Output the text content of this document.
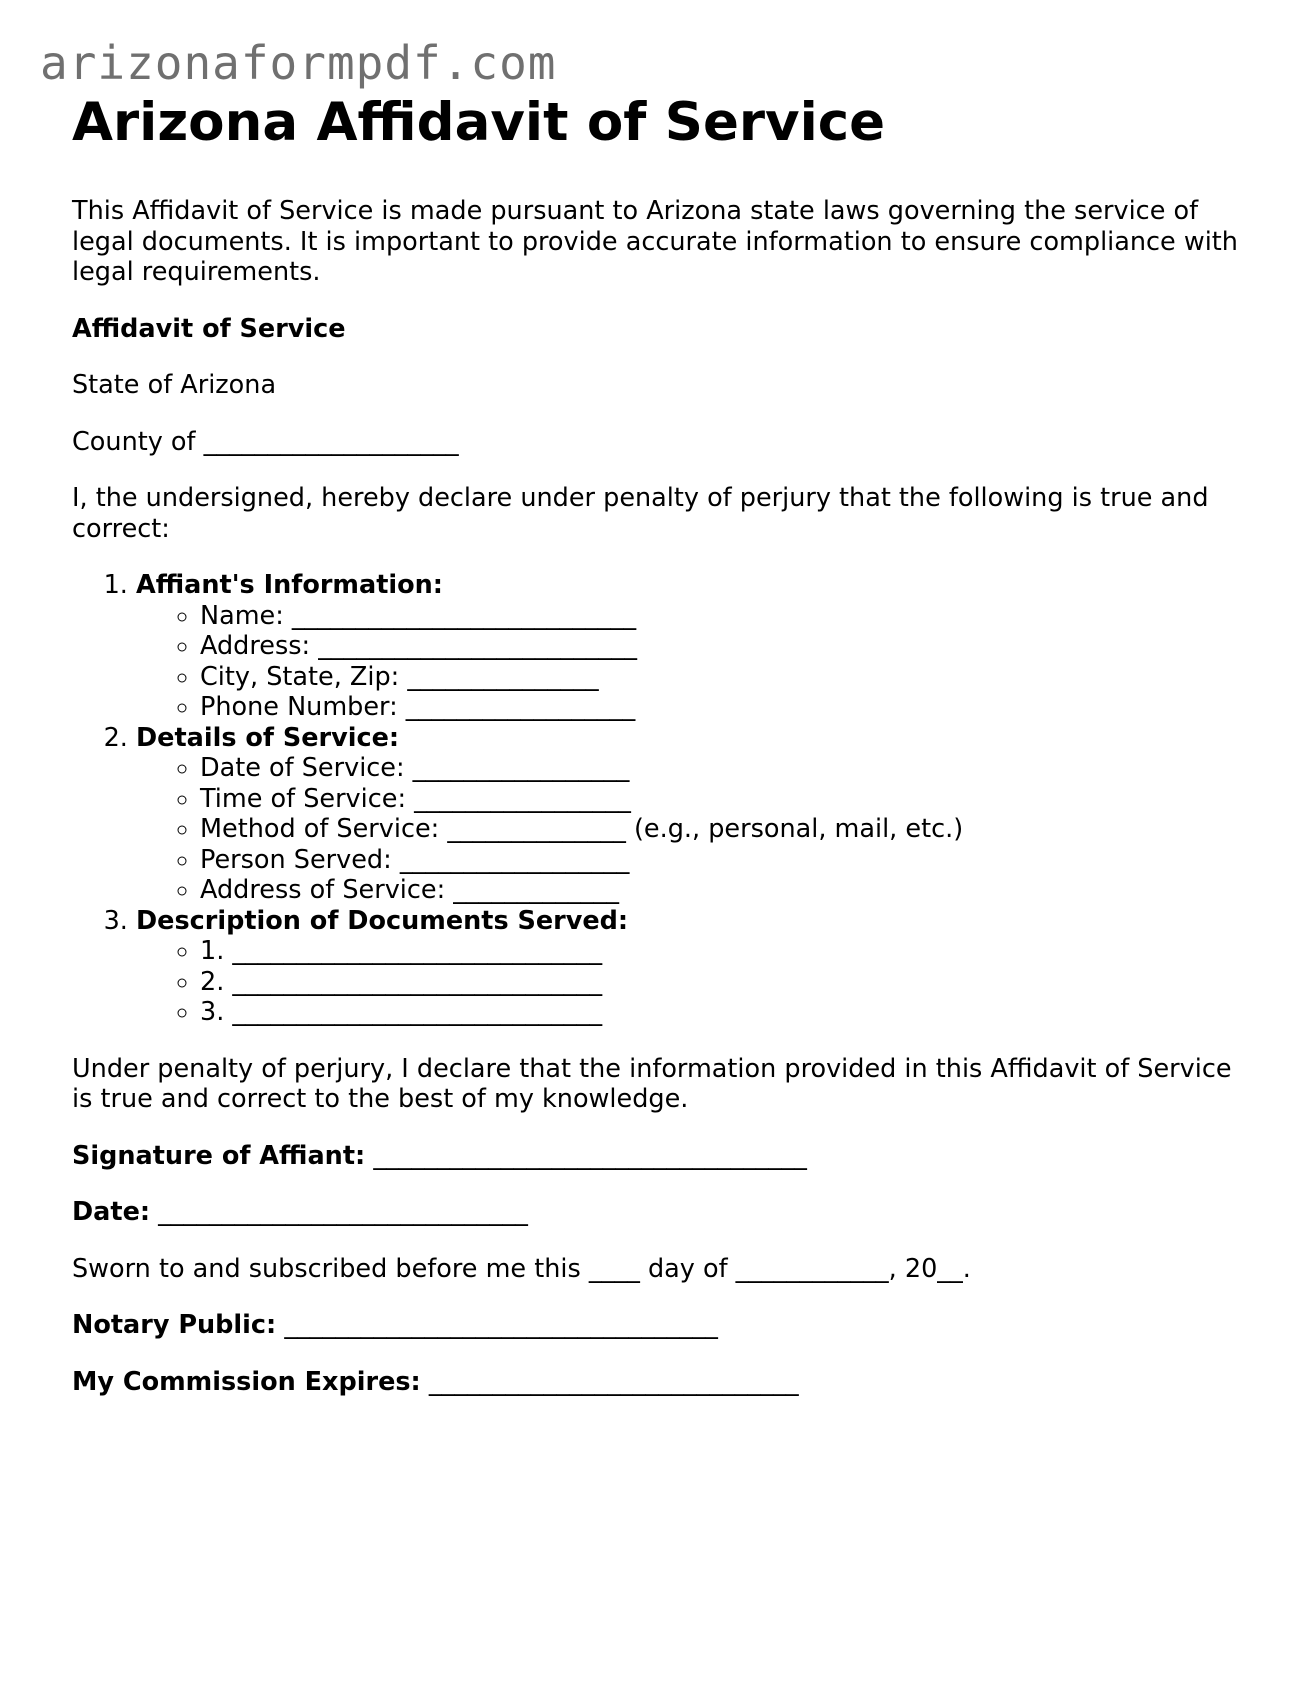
arizonaformpdf.com
Arizona Affidavit of Service

This Affidavit of Service is made pursuant to Arizona state laws governing the service of legal documents. It is important to provide accurate information to ensure compliance with legal requirements.

Affidavit of Service

State of Arizona

County of ____________________

I, the undersigned, hereby declare under penalty of perjury that the following is true and correct:

1. Affiant's Information:
◦ Name: ___________________________
◦ Address: _________________________
◦ City, State, Zip: _______________
◦ Phone Number: __________________
2. Details of Service:
◦ Date of Service: _________________
◦ Time of Service: _________________
◦ Method of Service: ______________ (e.g., personal, mail, etc.)
◦ Person Served: __________________
◦ Address of Service: _____________
3. Description of Documents Served:
◦ 1. _____________________________
◦ 2. _____________________________
◦ 3. _____________________________

Under penalty of perjury, I declare that the information provided in this Affidavit of Service is true and correct to the best of my knowledge.

Signature of Affiant: __________________________________

Date: _____________________________

Sworn to and subscribed before me this ____ day of ____________, 20__.

Notary Public: __________________________________

My Commission Expires: _____________________________
